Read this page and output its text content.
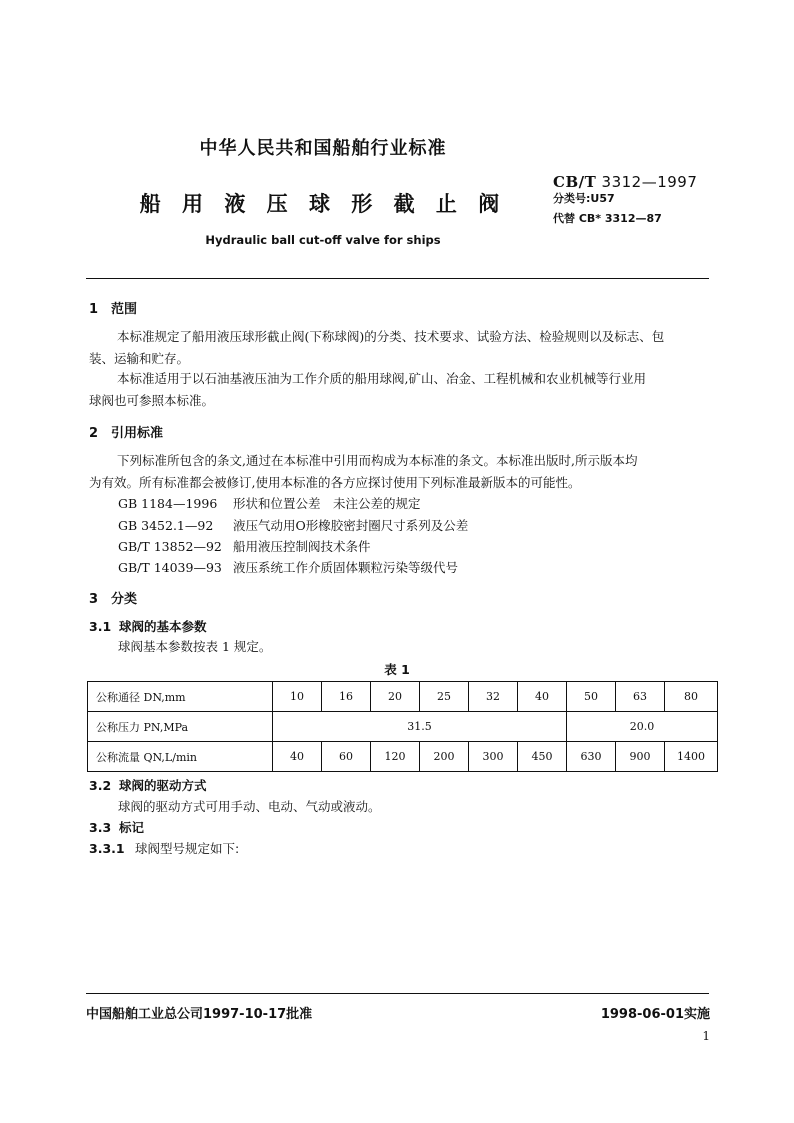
中华人民共和国船舶行业标准
船 用 液 压 球 形 截 止 阀
Hydraulic ball cut-off valve for ships
CB/T 3312—1997
分类号:U57
代替 CB* 3312—87
1 范围
本标准规定了船用液压球形截止阀(下称球阀)的分类、技术要求、试验方法、检验规则以及标志、包
装、运输和贮存。
本标准适用于以石油基液压油为工作介质的船用球阀,矿山、冶金、工程机械和农业机械等行业用
球阀也可参照本标准。
2 引用标准
下列标准所包含的条文,通过在本标准中引用而构成为本标准的条文。本标准出版时,所示版本均
为有效。所有标准都会被修订,使用本标准的各方应探讨使用下列标准最新版本的可能性。
GB 1184—1996 形状和位置公差　未注公差的规定
GB 3452.1—92 液压气动用O形橡胶密封圈尺寸系列及公差
GB/T 13852—92 船用液压控制阀技术条件
GB/T 14039—93 液压系统工作介质固体颗粒污染等级代号
3 分类
3.1 球阀的基本参数
球阀基本参数按表 1 规定。
表 1
公称通径 DN,mm	10	16	20	25	32	40	50	63	80
公称压力 PN,MPa	31.5						20.0		
公称流量 QN,L/min	40	60	120	200	300	450	630	900	1400
3.2 球阀的驱动方式
球阀的驱动方式可用手动、电动、气动或液动。
3.3 标记
3.3.1 球阀型号规定如下:
中国船舶工业总公司1997-10-17批准	1998-06-01实施
1
